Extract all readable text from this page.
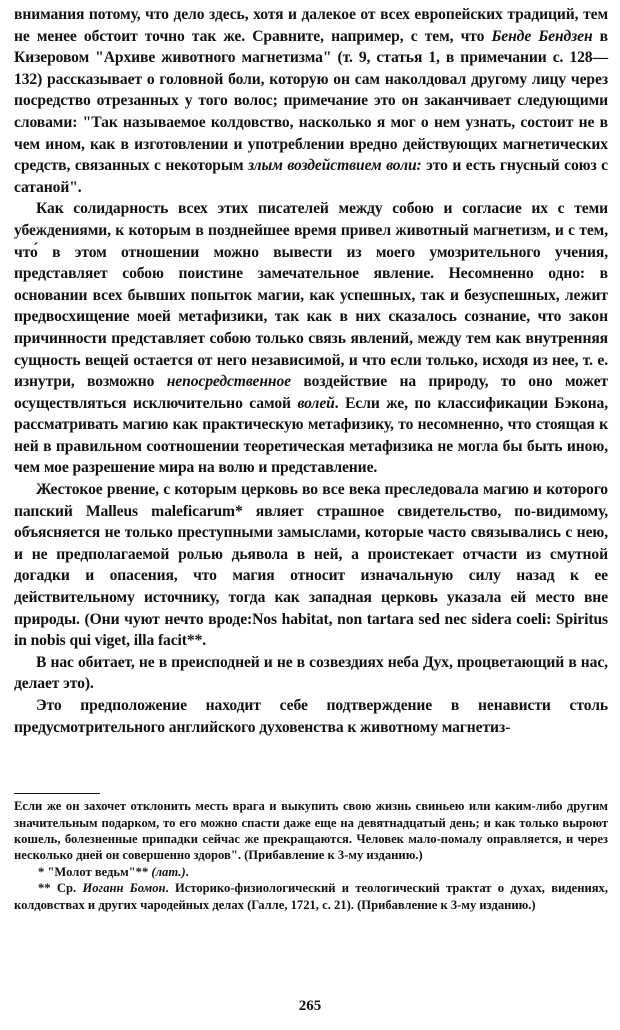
внимания потому, что дело здесь, хотя и далекое от всех европейских традиций, тем не менее обстоит точно так же. Сравните, например, с тем, что Бенде Бендзен в Кизеровом "Архиве животного магнетизма" (т. 9, статья 1, в примечании с. 128—132) рассказывает о головной боли, которую он сам наколдовал другому лицу через посредство отрезанных у того волос; примечание это он заканчивает следующими словами: "Так называемое колдовство, насколько я мог о нем узнать, состоит не в чем ином, как в изготовлении и употреблении вредно действующих магнетических средств, связанных с некоторым злым воздействием воли: это и есть гнусный союз с сатаной".

Как солидарность всех этих писателей между собою и согласие их с теми убеждениями, к которым в позднейшее время привел животный магнетизм, и с тем, что́ в этом отношении можно вывести из моего умозрительного учения, представляет собою поистине замечательное явление. Несомненно одно: в основании всех бывших попыток магии, как успешных, так и безуспешных, лежит предвосхищение моей метафизики, так как в них сказалось сознание, что закон причинности представляет собою только связь явлений, между тем как внутренняя сущность вещей остается от него независимой, и что если только, исходя из нее, т. е. изнутри, возможно непосредственное воздействие на природу, то оно может осуществляться исключительно самой волей. Если же, по классификации Бэкона, рассматривать магию как практическую метафизику, то несомненно, что стоящая к ней в правильном соотношении теоретическая метафизика не могла бы быть иною, чем мое разрешение мира на волю и представление.

Жестокое рвение, с которым церковь во все века преследовала магию и которого папский Malleus maleficarum* являет страшное свидетельство, по-видимому, объясняется не только преступными замыслами, которые часто связывались с нею, и не предполагаемой ролью дьявола в ней, а проистекает отчасти из смутной догадки и опасения, что магия относит изначальную силу назад к ее действительному источнику, тогда как западная церковь указала ей место вне природы. (Они чуют нечто вроде:Nos habitat, non tartara sed nec sidera coeli: Spiritus in nobis qui viget, illa facit**.

В нас обитает, не в преисподней и не в созвездиях неба Дух, процветающий в нас, делает это).

Это предположение находит себе подтверждение в ненависти столь предусмотрительного английского духовенства к животному магнетиз-

Если же он захочет отклонить месть врага и выкупить свою жизнь свиньею или каким-либо другим значительным подарком, то его можно спасти даже еще на девятнадцатый день; и как только выроют кошель, болезненные припадки сейчас же прекращаются. Человек мало-помалу оправляется, и через несколько дней он совершенно здоров". (Прибавление к 3-му изданию.)

* "Молот ведьм"** (лат.).

** Ср. Иоганн Бомон. Историко-физиологический и теологический трактат о духах, видениях, колдовствах и других чародейных делах (Галле, 1721, с. 21). (Прибавление к 3-му изданию.)

265
